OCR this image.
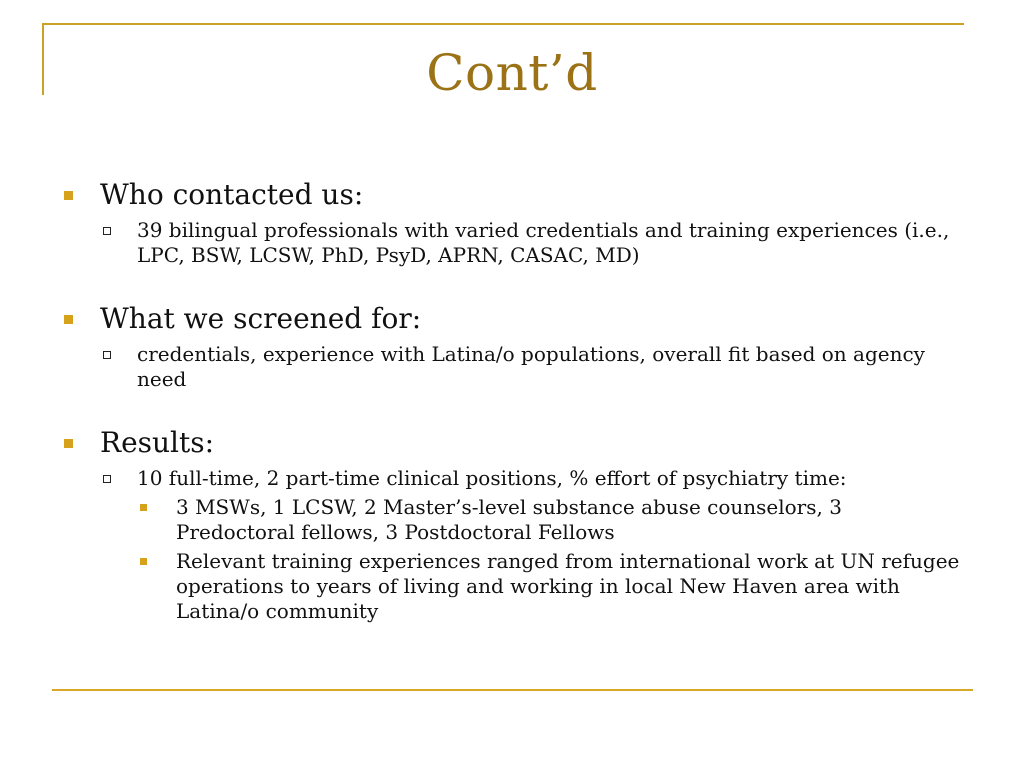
Cont’d
Who contacted us:
39 bilingual professionals with varied credentials and training experiences (i.e., LPC, BSW, LCSW, PhD, PsyD, APRN, CASAC, MD)
What we screened for:
credentials, experience with Latina/o populations, overall fit based on agency need
Results:
10 full-time, 2 part-time clinical positions, % effort of psychiatry time:
3 MSWs, 1 LCSW, 2 Master’s-level substance abuse counselors, 3 Predoctoral fellows, 3 Postdoctoral Fellows
Relevant training experiences ranged from international work at UN refugee operations to years of living and working in local New Haven area with Latina/o community
